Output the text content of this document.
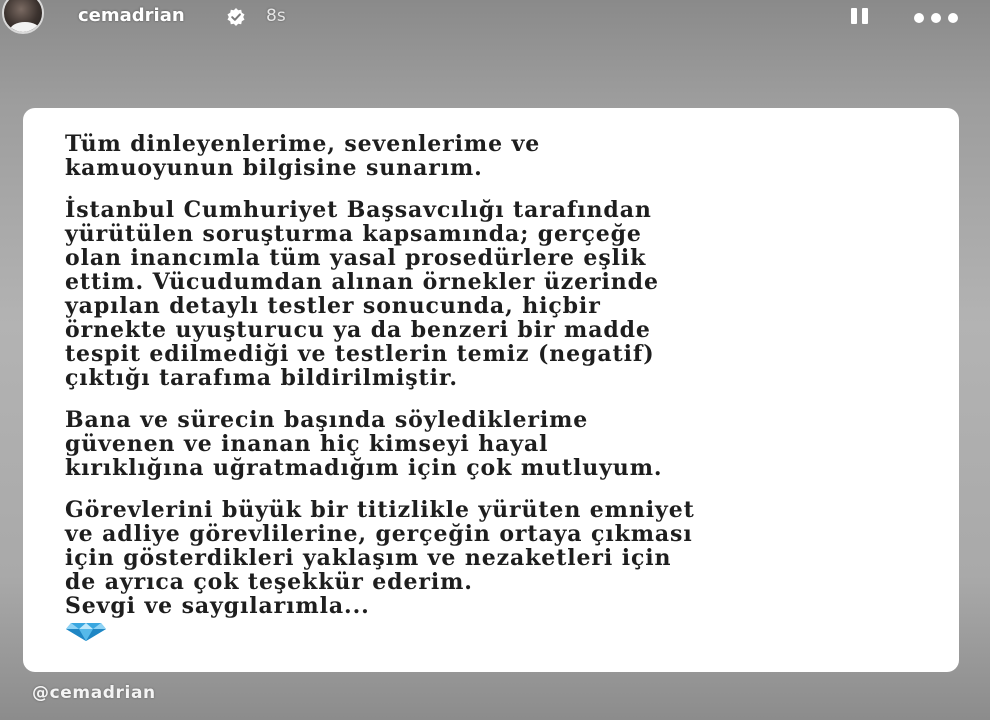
cemadrian	8s

Tüm dinleyenlerime, sevenlerime ve
kamuoyunun bilgisine sunarım.

İstanbul Cumhuriyet Başsavcılığı tarafından
yürütülen soruşturma kapsamında; gerçeğe
olan inancımla tüm yasal prosedürlere eşlik
ettim. Vücudumdan alınan örnekler üzerinde
yapılan detaylı testler sonucunda, hiçbir
örnekte uyuşturucu ya da benzeri bir madde
tespit edilmediği ve testlerin temiz (negatif)
çıktığı tarafıma bildirilmiştir.

Bana ve sürecin başında söylediklerime
güvenen ve inanan hiç kimseyi hayal
kırıklığına uğratmadığım için çok mutluyum.

Görevlerini büyük bir titizlikle yürüten emniyet
ve adliye görevlilerine, gerçeğin ortaya çıkması
için gösterdikleri yaklaşım ve nezaketleri için
de ayrıca çok teşekkür ederim.
Sevgi ve saygılarımla...

@cemadrian
